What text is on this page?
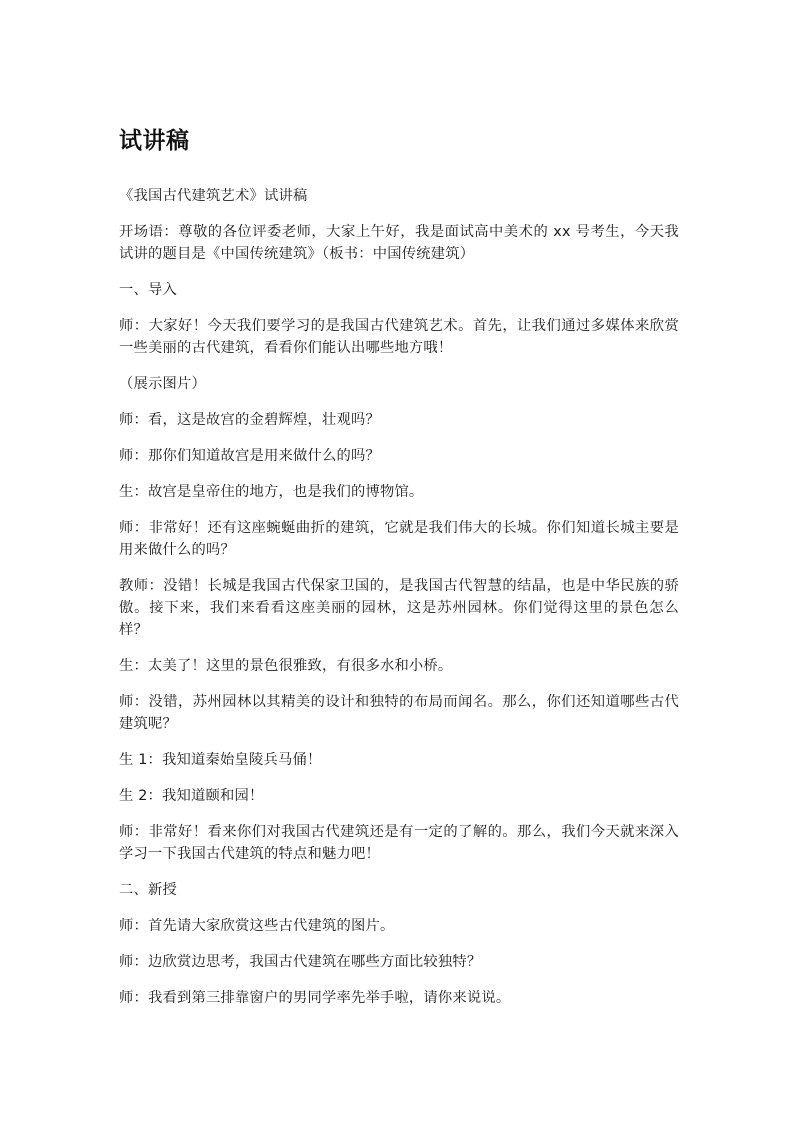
试讲稿

《我国古代建筑艺术》试讲稿

开场语：尊敬的各位评委老师，大家上午好，我是面试高中美术的 xx 号考生，今天我试讲的题目是《中国传统建筑》（板书：中国传统建筑）

一、导入

师：大家好！今天我们要学习的是我国古代建筑艺术。首先，让我们通过多媒体来欣赏一些美丽的古代建筑，看看你们能认出哪些地方哦！

（展示图片）

师：看，这是故宫的金碧辉煌，壮观吗？

师：那你们知道故宫是用来做什么的吗？

生：故宫是皇帝住的地方，也是我们的博物馆。

师：非常好！还有这座蜿蜒曲折的建筑，它就是我们伟大的长城。你们知道长城主要是用来做什么的吗？

教师：没错！长城是我国古代保家卫国的，是我国古代智慧的结晶，也是中华民族的骄傲。接下来，我们来看看这座美丽的园林，这是苏州园林。你们觉得这里的景色怎么样？

生：太美了！这里的景色很雅致，有很多水和小桥。

师：没错，苏州园林以其精美的设计和独特的布局而闻名。那么，你们还知道哪些古代建筑呢？

生 1：我知道秦始皇陵兵马俑！

生 2：我知道颐和园！

师：非常好！看来你们对我国古代建筑还是有一定的了解的。那么，我们今天就来深入学习一下我国古代建筑的特点和魅力吧！

二、新授

师：首先请大家欣赏这些古代建筑的图片。

师：边欣赏边思考，我国古代建筑在哪些方面比较独特？

师：我看到第三排靠窗户的男同学率先举手啦，请你来说说。
